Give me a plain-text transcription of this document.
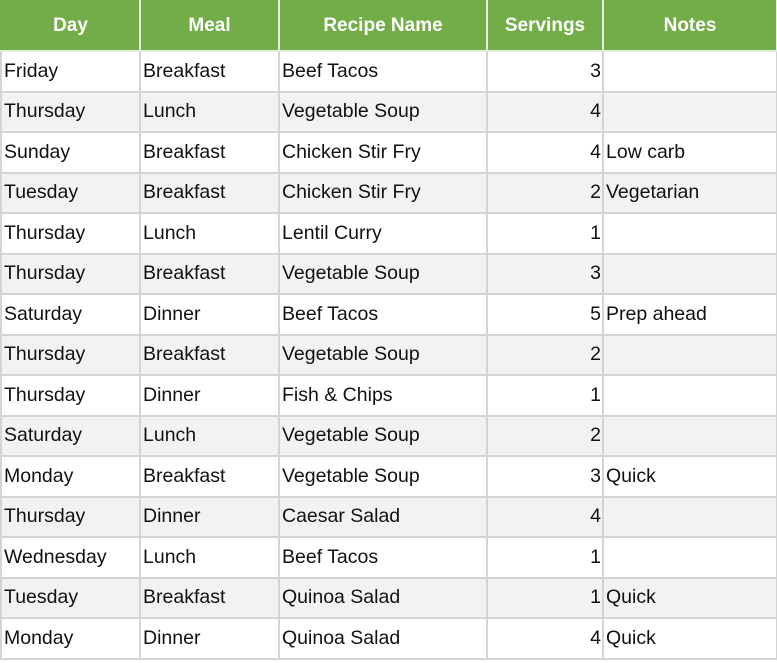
Day	Meal	Recipe Name	Servings	Notes
Friday	Breakfast	Beef Tacos	3	
Thursday	Lunch	Vegetable Soup	4	
Sunday	Breakfast	Chicken Stir Fry	4	Low carb
Tuesday	Breakfast	Chicken Stir Fry	2	Vegetarian
Thursday	Lunch	Lentil Curry	1	
Thursday	Breakfast	Vegetable Soup	3	
Saturday	Dinner	Beef Tacos	5	Prep ahead
Thursday	Breakfast	Vegetable Soup	2	
Thursday	Dinner	Fish & Chips	1	
Saturday	Lunch	Vegetable Soup	2	
Monday	Breakfast	Vegetable Soup	3	Quick
Thursday	Dinner	Caesar Salad	4	
Wednesday	Lunch	Beef Tacos	1	
Tuesday	Breakfast	Quinoa Salad	1	Quick
Monday	Dinner	Quinoa Salad	4	Quick
